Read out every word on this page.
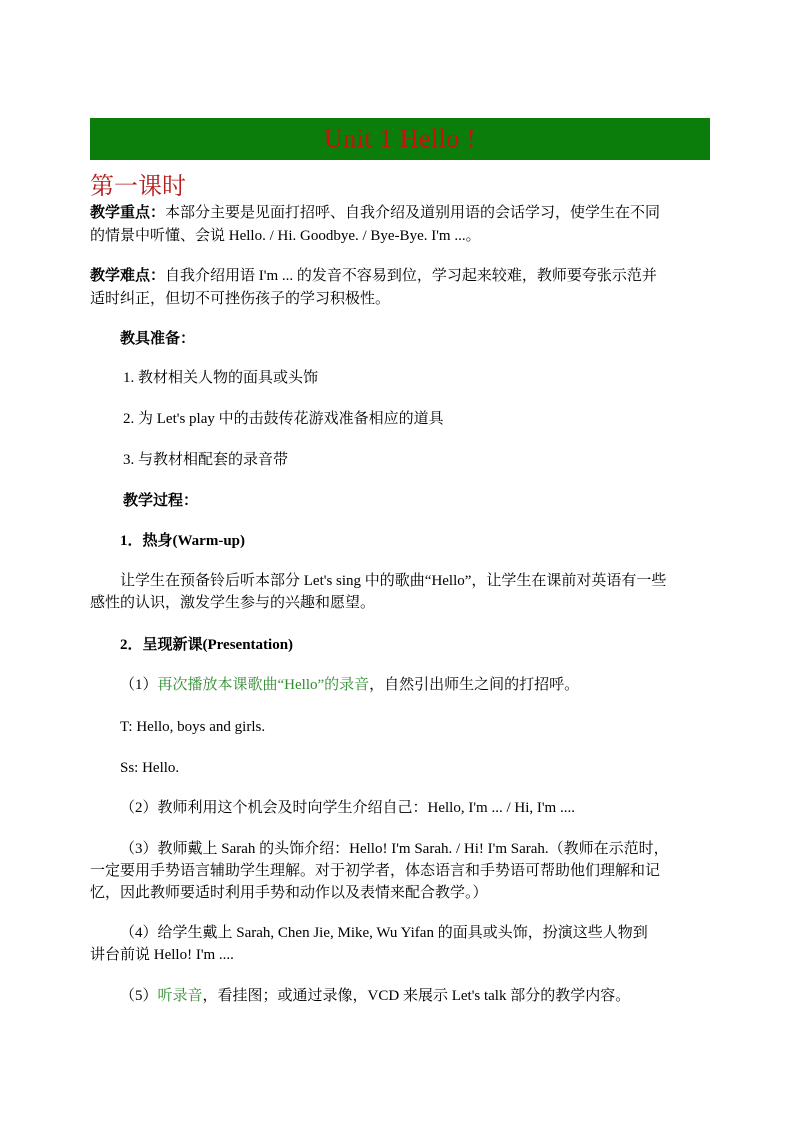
Unit 1 Hello !
第一课时
教学重点：本部分主要是见面打招呼、自我介绍及道别用语的会话学习，使学生在不同
的情景中听懂、会说 Hello. / Hi. Goodbye. / Bye-Bye. I'm ...。
教学难点：自我介绍用语 I'm ... 的发音不容易到位，学习起来较难，教师要夸张示范并
适时纠正，但切不可挫伤孩子的学习积极性。
教具准备：
1. 教材相关人物的面具或头饰
2. 为 Let's play 中的击鼓传花游戏准备相应的道具
3. 与教材相配套的录音带
教学过程：
1．热身(Warm-up)
让学生在预备铃后听本部分 Let's sing 中的歌曲“Hello”，让学生在课前对英语有一些
感性的认识，激发学生参与的兴趣和愿望。
2．呈现新课(Presentation)
（1）再次播放本课歌曲“Hello”的录音，自然引出师生之间的打招呼。
T: Hello, boys and girls.
Ss: Hello.
（2）教师利用这个机会及时向学生介绍自己：Hello, I'm ... / Hi, I'm ....
（3）教师戴上 Sarah 的头饰介绍：Hello! I'm Sarah. / Hi! I'm Sarah.（教师在示范时，
一定要用手势语言辅助学生理解。对于初学者，体态语言和手势语可帮助他们理解和记
忆，因此教师要适时利用手势和动作以及表情来配合教学。）
（4）给学生戴上 Sarah, Chen Jie, Mike, Wu Yifan 的面具或头饰，扮演这些人物到
讲台前说 Hello! I'm ....
（5）听录音，看挂图；或通过录像，VCD 来展示 Let's talk 部分的教学内容。
